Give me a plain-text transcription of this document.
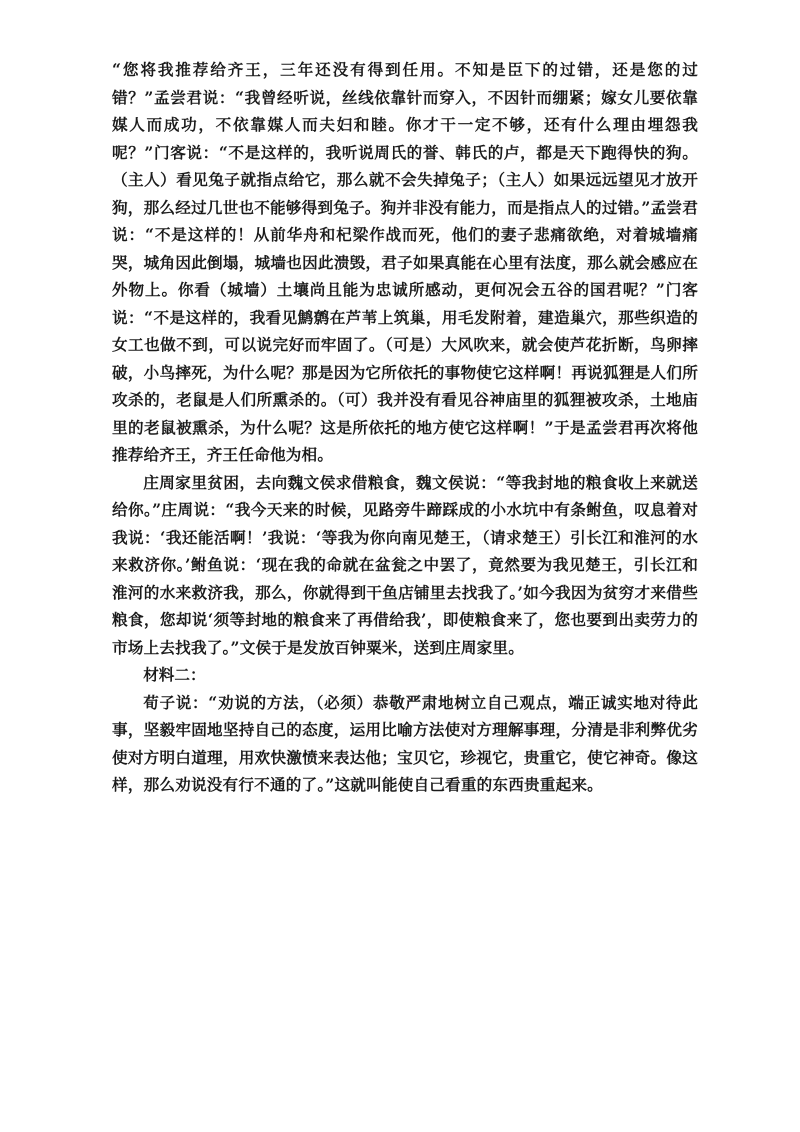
“您将我推荐给齐王，三年还没有得到任用。不知是臣下的过错，还是您的过错？”孟尝君说：“我曾经听说，丝线依靠针而穿入，不因针而绷紧；嫁女儿要依靠媒人而成功，不依靠媒人而夫妇和睦。你才干一定不够，还有什么理由埋怨我呢？”门客说：“不是这样的，我听说周氏的誉、韩氏的卢，都是天下跑得快的狗。（主人）看见兔子就指点给它，那么就不会失掉兔子；（主人）如果远远望见才放开狗，那么经过几世也不能够得到兔子。狗并非没有能力，而是指点人的过错。”孟尝君说：“不是这样的！从前华舟和杞梁作战而死，他们的妻子悲痛欲绝，对着城墙痛哭，城角因此倒塌，城墙也因此溃毁，君子如果真能在心里有法度，那么就会感应在外物上。你看（城墙）土壤尚且能为忠诚所感动，更何况会五谷的国君呢？”门客说：“不是这样的，我看见鹪鹩在芦苇上筑巢，用毛发附着，建造巢穴，那些织造的女工也做不到，可以说完好而牢固了。（可是）大风吹来，就会使芦花折断，鸟卵摔破，小鸟摔死，为什么呢？那是因为它所依托的事物使它这样啊！再说狐狸是人们所攻杀的，老鼠是人们所熏杀的。（可）我并没有看见谷神庙里的狐狸被攻杀，土地庙里的老鼠被熏杀，为什么呢？这是所依托的地方使它这样啊！”于是孟尝君再次将他推荐给齐王，齐王任命他为相。

庄周家里贫困，去向魏文侯求借粮食，魏文侯说：“等我封地的粮食收上来就送给你。”庄周说：“我今天来的时候，见路旁牛蹄踩成的小水坑中有条鲋鱼，叹息着对我说：‘我还能活啊！’我说：‘等我为你向南见楚王，（请求楚王）引长江和淮河的水来救济你。’鲋鱼说：‘现在我的命就在盆瓮之中罢了，竟然要为我见楚王，引长江和淮河的水来救济我，那么，你就得到干鱼店铺里去找我了。’如今我因为贫穷才来借些粮食，您却说‘须等封地的粮食来了再借给我’，即使粮食来了，您也要到出卖劳力的市场上去找我了。”文侯于是发放百钟粟米，送到庄周家里。

材料二：

荀子说：“劝说的方法，（必须）恭敬严肃地树立自己观点，端正诚实地对待此事，坚毅牢固地坚持自己的态度，运用比喻方法使对方理解事理，分清是非利弊优劣使对方明白道理，用欢快激愤来表达他；宝贝它，珍视它，贵重它，使它神奇。像这样，那么劝说没有行不通的了。”这就叫能使自己看重的东西贵重起来。
